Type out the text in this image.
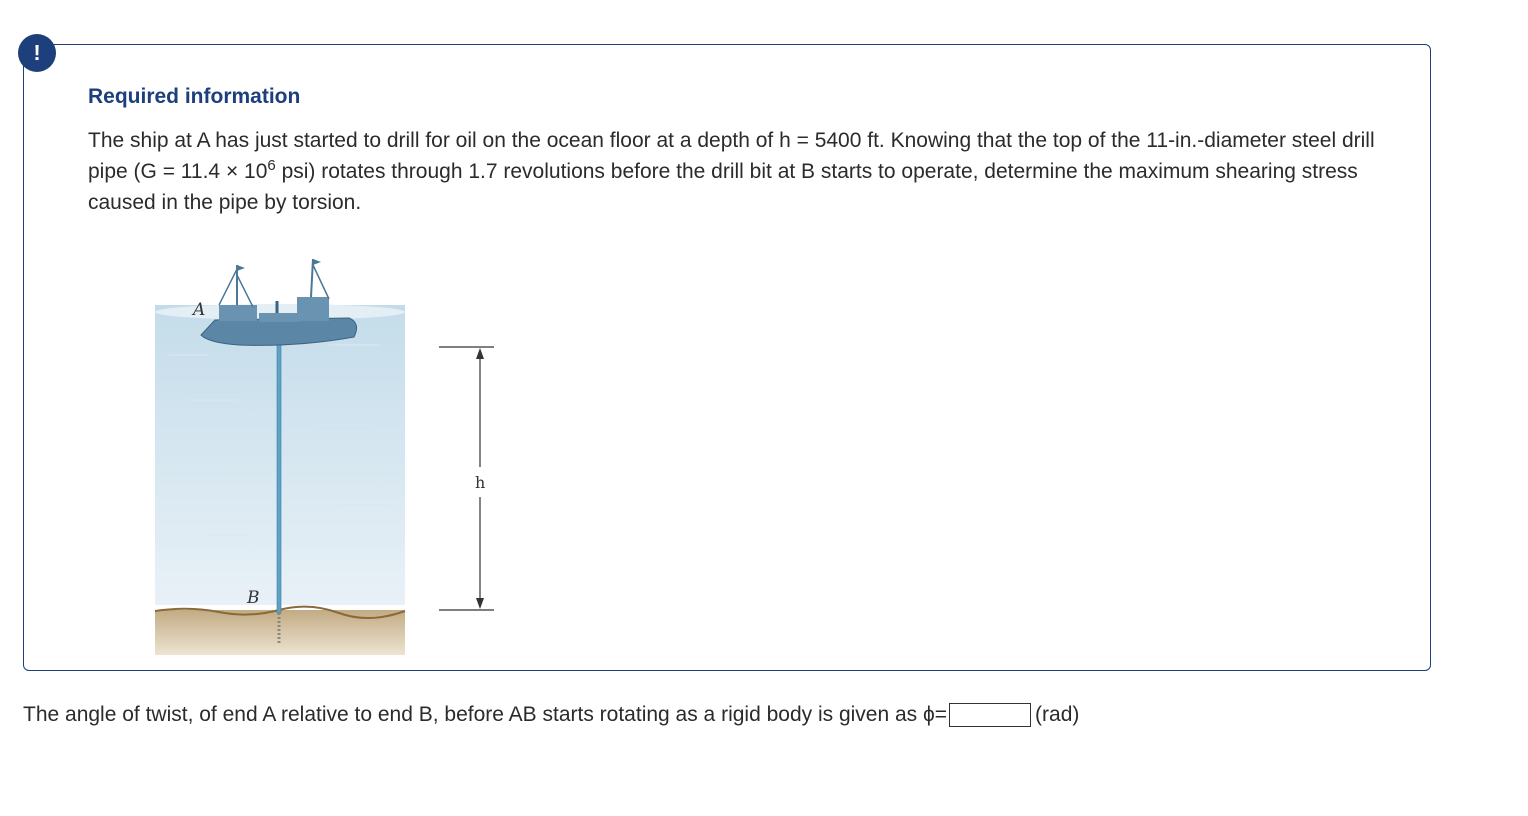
!
Required information
The ship at A has just started to drill for oil on the ocean floor at a depth of h = 5400 ft. Knowing that the top of the 11-in.-diameter steel drill pipe ($G = 11.4 \times 10^6$ psi) rotates through 1.7 revolutions before the drill bit at B starts to operate, determine the maximum shearing stress caused in the pipe by torsion.
A
B
h
The angle of twist, of end A relative to end B, before AB starts rotating as a rigid body is given as ϕ=	(rad)
